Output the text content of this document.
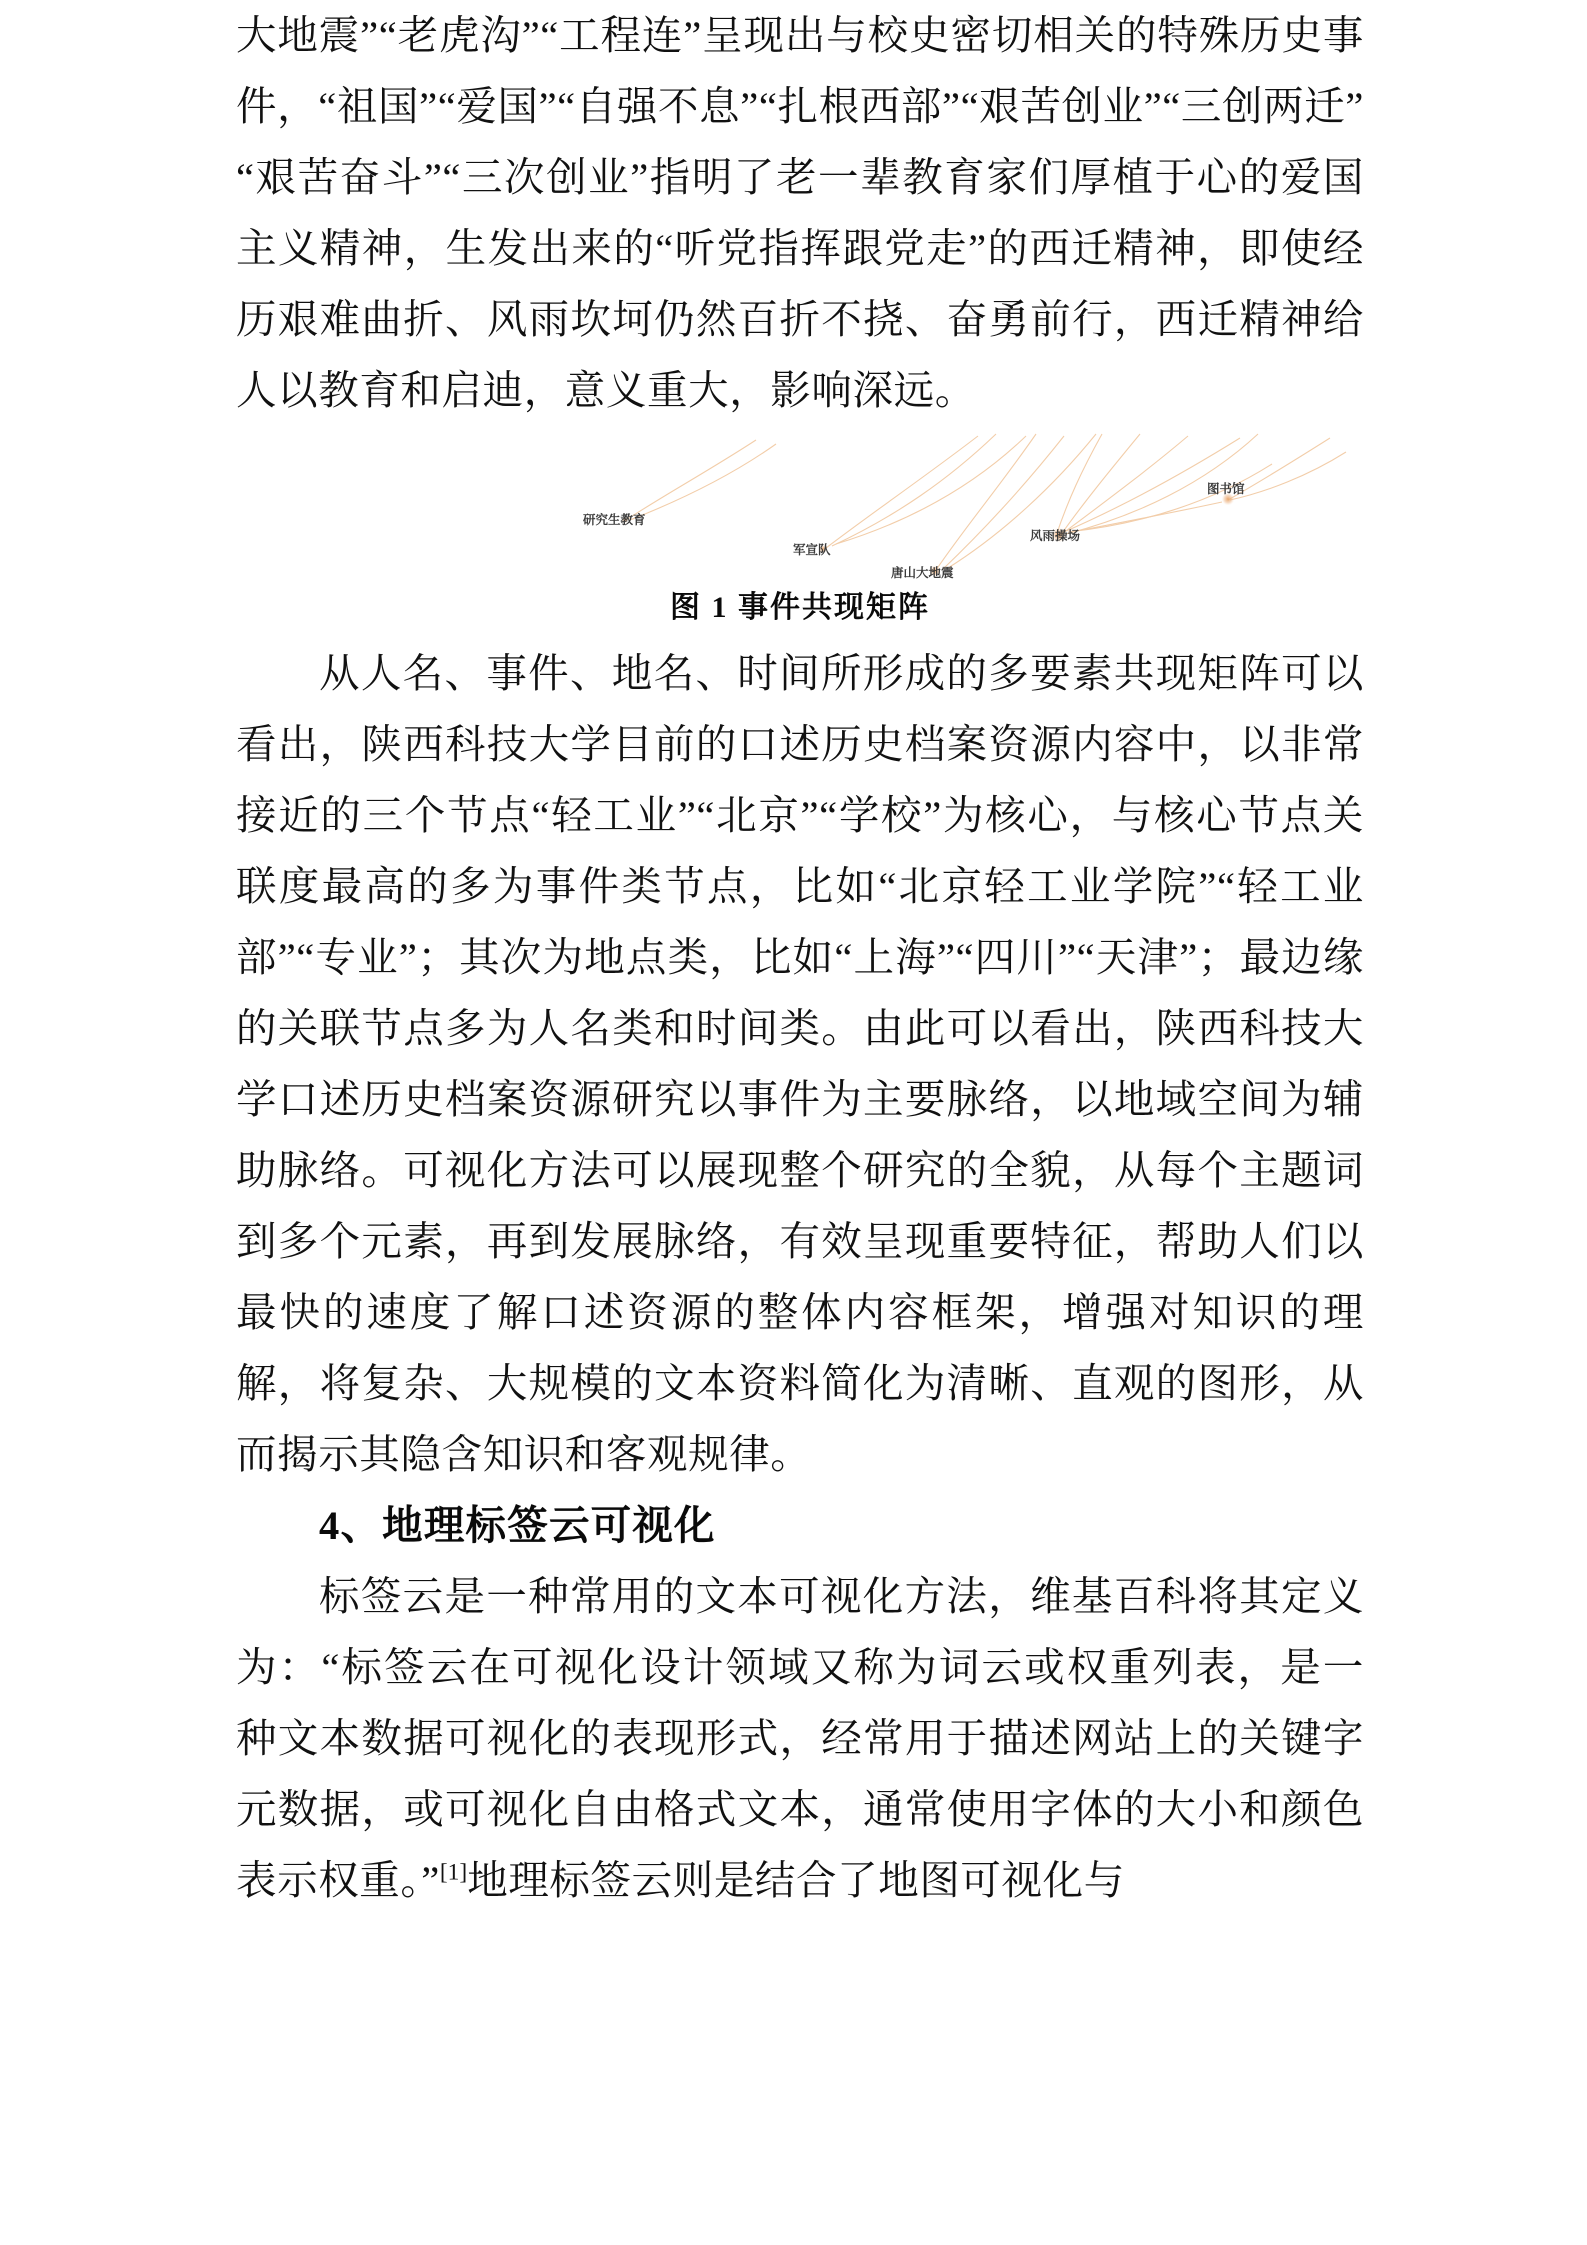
大地震”“老虎沟”“工程连”呈现出与校史密切相关的特殊历史事件，“祖国”“爱国”“自强不息”“扎根西部”“艰苦创业”“三创两迁”“艰苦奋斗”“三次创业”指明了老一辈教育家们厚植于心的爱国主义精神，生发出来的“听党指挥跟党走”的西迁精神，即使经历艰难曲折、风雨坎坷仍然百折不挠、奋勇前行，西迁精神给人以教育和启迪，意义重大，影响深远。

研究生教育
军宣队
唐山大地震
风雨操场
图书馆
图 1 事件共现矩阵

从人名、事件、地名、时间所形成的多要素共现矩阵可以看出，陕西科技大学目前的口述历史档案资源内容中，以非常接近的三个节点“轻工业”“北京”“学校”为核心，与核心节点关联度最高的多为事件类节点，比如“北京轻工业学院”“轻工业部”“专业”；其次为地点类，比如“上海”“四川”“天津”；最边缘的关联节点多为人名类和时间类。由此可以看出，陕西科技大学口述历史档案资源研究以事件为主要脉络，以地域空间为辅助脉络。可视化方法可以展现整个研究的全貌，从每个主题词到多个元素，再到发展脉络，有效呈现重要特征，帮助人们以最快的速度了解口述资源的整体内容框架，增强对知识的理解，将复杂、大规模的文本资料简化为清晰、直观的图形，从而揭示其隐含知识和客观规律。

4、地理标签云可视化

标签云是一种常用的文本可视化方法，维基百科将其定义为：“标签云在可视化设计领域又称为词云或权重列表，是一种文本数据可视化的表现形式，经常用于描述网站上的关键字元数据，或可视化自由格式文本，通常使用字体的大小和颜色表示权重。”[1]地理标签云则是结合了地图可视化与
